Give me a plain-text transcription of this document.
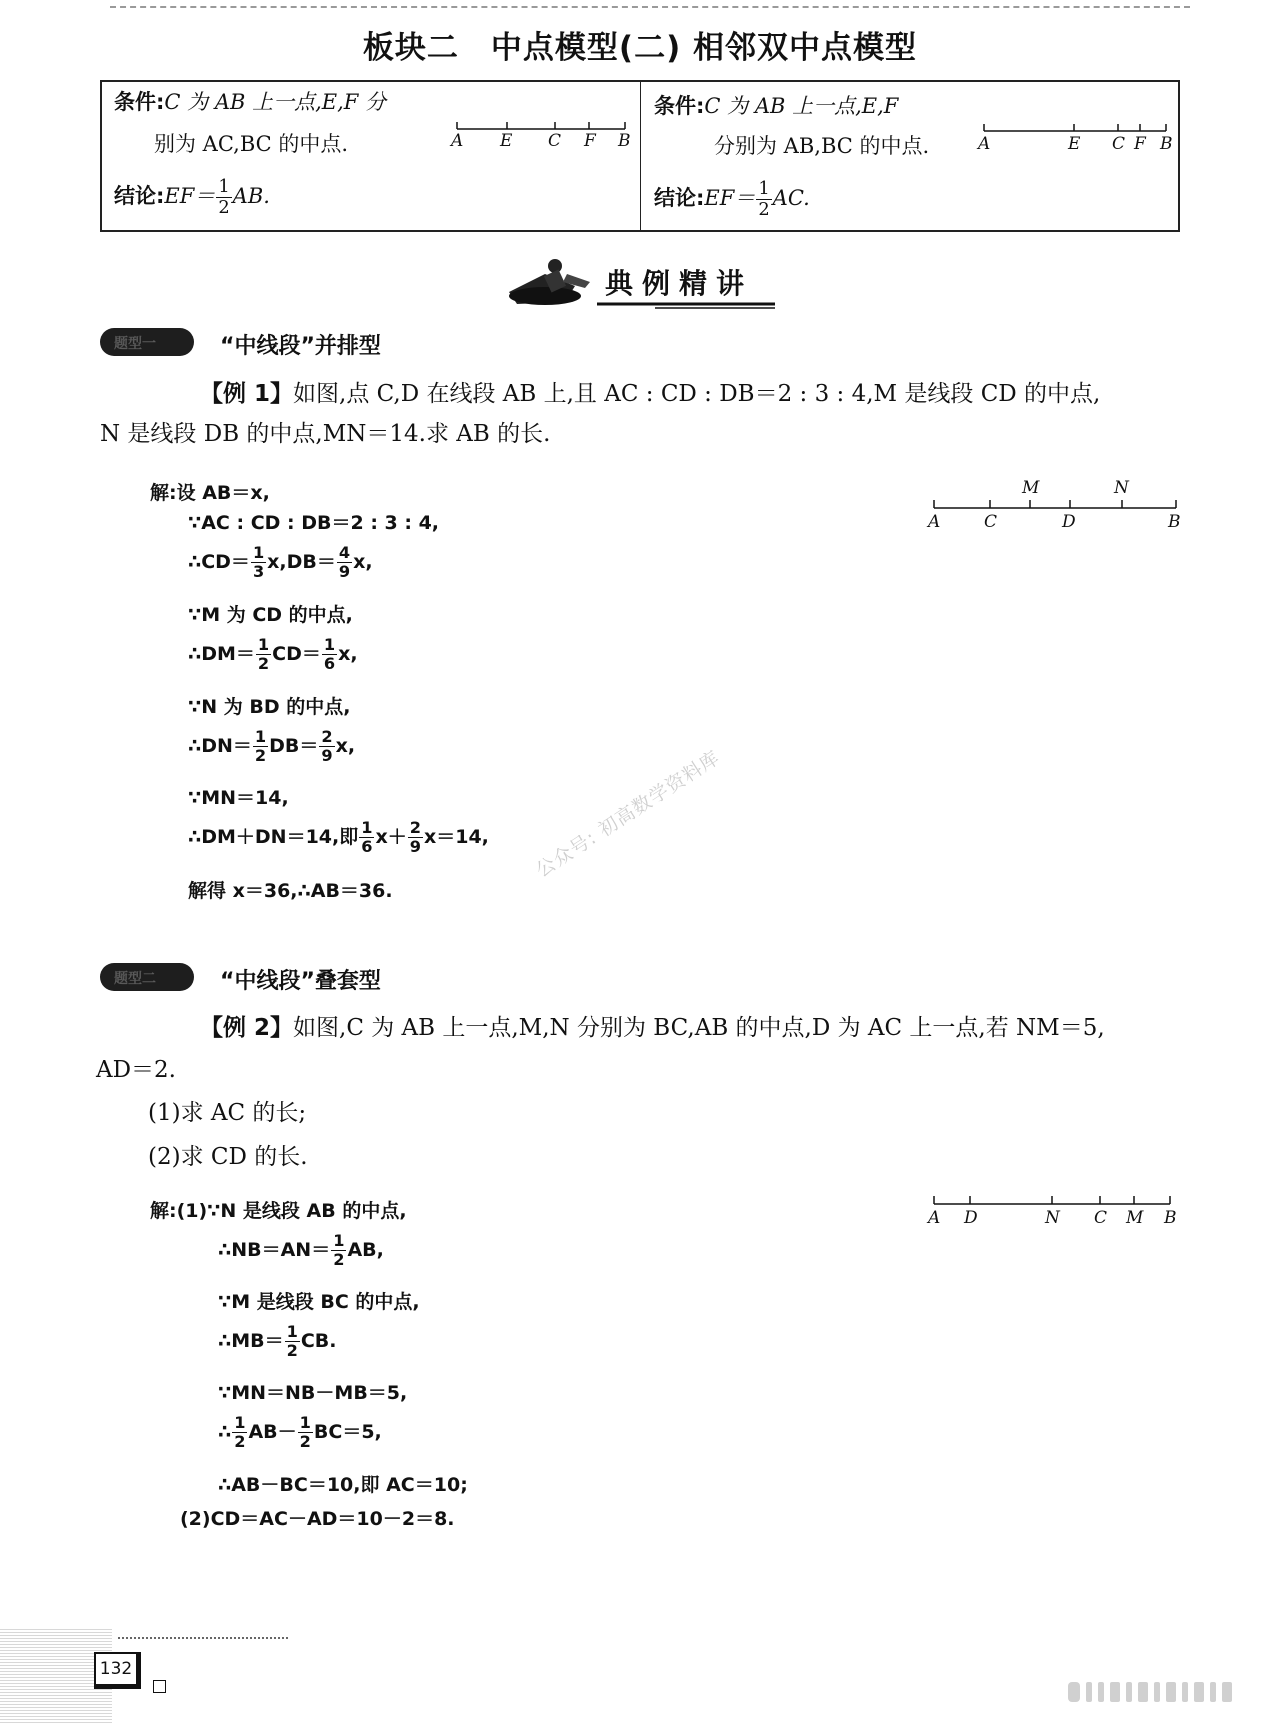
板块二　中点模型(二) 相邻双中点模型
条件:C 为 AB 上一点,E,F 分
别为 AC,BC 的中点.
结论:EF＝ $\frac{1}{2}$ AB.
A E C F B
条件:C 为 AB 上一点,E,F
分别为 AB,BC 的中点.
结论:EF＝ $\frac{1}{2}$ AC.
A	E C F B
典例精讲
题型一	“中线段”并排型
【例 1】如图,点 C,D 在线段 AB 上,且 AC : CD : DB＝2 : 3 : 4,M 是线段 CD 的中点,
N 是线段 DB 的中点,MN＝14.求 AB 的长.
M	N
A	C	D	B
解:设 AB＝x,
∵AC : CD : DB＝2 : 3 : 4,
∴CD＝ $\frac{1}{3} x,DB= \frac{4}{9} x$,
∵M 为 CD 的中点,
∴DM＝ $\frac{1}{2} CD= \frac{1}{6} x$,
∵N 为 BD 的中点,
∴DN＝ $\frac{1}{2} DB= \frac{2}{9} x$,
∵MN＝14,
∴DM＋DN＝14,即 $\frac{1}{6} x+ \frac{2}{9} x=14$,
解得 x＝36,∴AB＝36.
公众号: 初高数学资料库
题型二	“中线段”叠套型
【例 2】如图,C 为 AB 上一点,M,N 分别为 BC,AB 的中点,D 为 AC 上一点,若 NM＝5,
AD＝2.
(1)求 AC 的长;
(2)求 CD 的长.
A D	N C M B
解:(1)∵N 是线段 AB 的中点,
∴NB＝AN＝ $\frac{1}{2}$ AB,
∵M 是线段 BC 的中点,
∴MB＝ $\frac{1}{2}$ CB.
∵MN＝NB－MB＝5,
∴ $\frac{1}{2} AB- \frac{1}{2} BC=5$,
∴AB－BC＝10,即 AC＝10;
(2)CD＝AC－AD＝10－2＝8.
132
